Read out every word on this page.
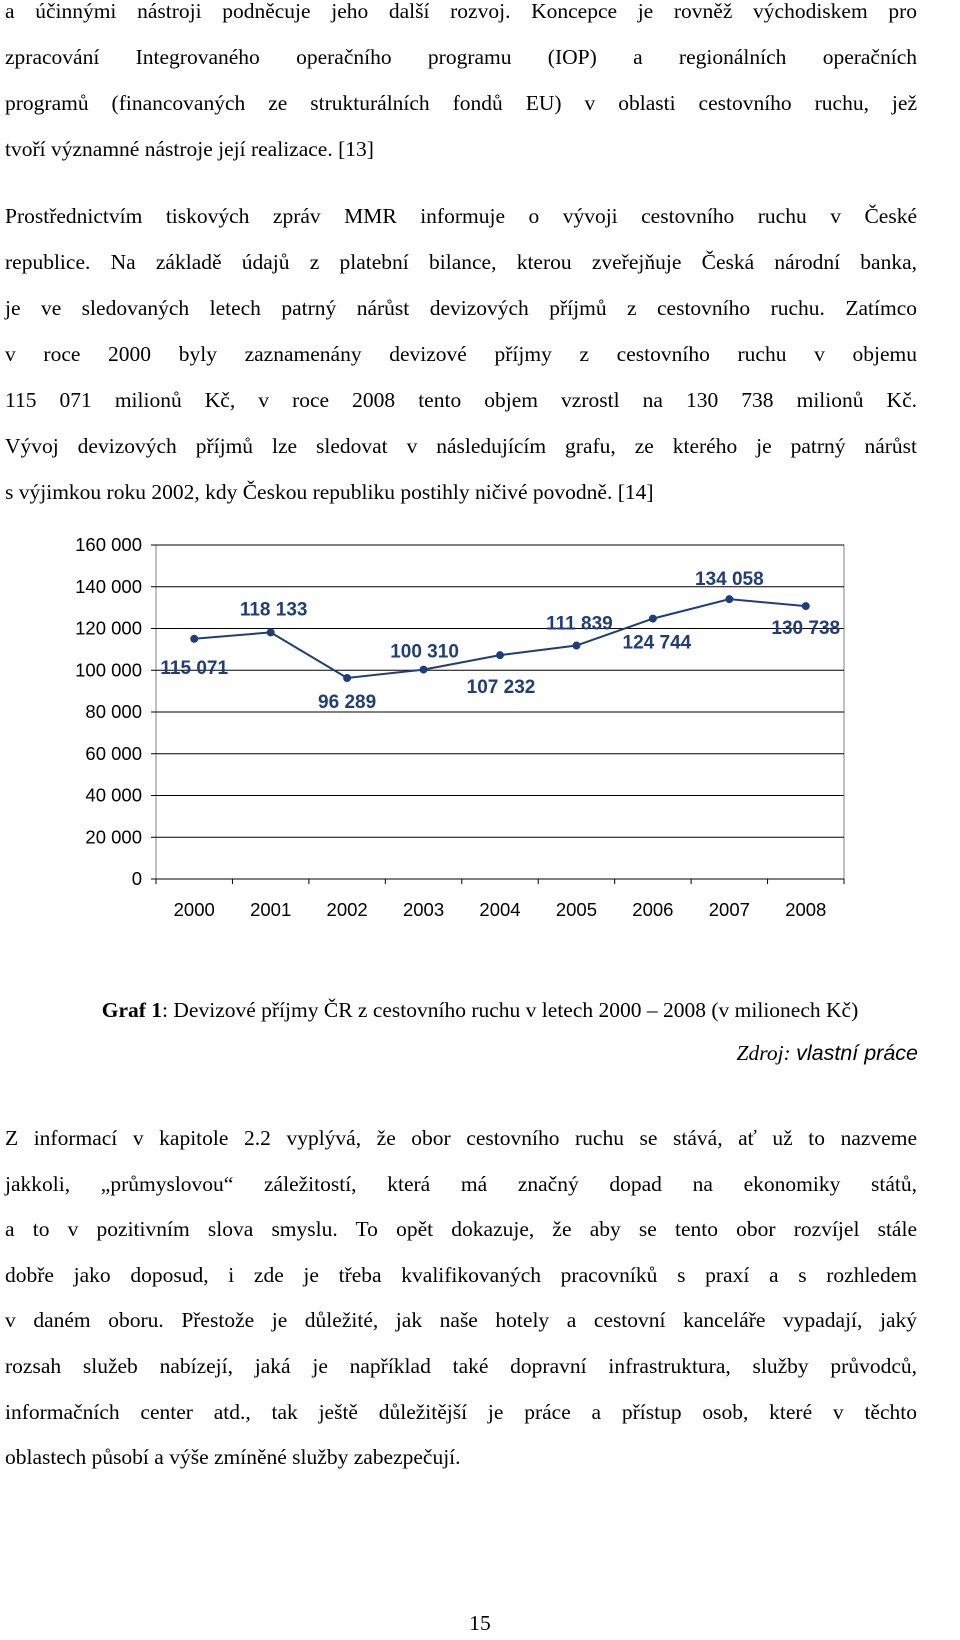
a účinnými nástroji podněcuje jeho další rozvoj. Koncepce je rovněž východiskem pro
zpracování Integrovaného operačního programu (IOP) a regionálních operačních
programů (financovaných ze strukturálních fondů EU) v oblasti cestovního ruchu, jež
tvoří významné nástroje její realizace. [13]
Prostřednictvím tiskových zpráv MMR informuje o vývoji cestovního ruchu v České
republice. Na základě údajů z platební bilance, kterou zveřejňuje Česká národní banka,
je ve sledovaných letech patrný nárůst devizových příjmů z cestovního ruchu. Zatímco
v roce 2000 byly zaznamenány devizové příjmy z cestovního ruchu v objemu
115 071 milionů Kč, v roce 2008 tento objem vzrostl na 130 738 milionů Kč.
Vývoj devizových příjmů lze sledovat v následujícím grafu, ze kterého je patrný nárůst
s výjimkou roku 2002, kdy Českou republiku postihly ničivé povodně. [14]
0
20 000
40 000
60 000
80 000
100 000
120 000
140 000
160 000
2000 2001 2002 2003 2004 2005 2006 2007 2008
115 071
118 133
96 289
100 310
107 232
111 839
124 744
134 058
130 738
Graf 1: Devizové příjmy ČR z cestovního ruchu v letech 2000 – 2008 (v milionech Kč)
Zdroj: vlastní práce
Z informací v kapitole 2.2 vyplývá, že obor cestovního ruchu se stává, ať už to nazveme
jakkoli, „průmyslovou“ záležitostí, která má značný dopad na ekonomiky států,
a to v pozitivním slova smyslu. To opět dokazuje, že aby se tento obor rozvíjel stále
dobře jako doposud, i zde je třeba kvalifikovaných pracovníků s praxí a s rozhledem
v daném oboru. Přestože je důležité, jak naše hotely a cestovní kanceláře vypadají, jaký
rozsah služeb nabízejí, jaká je například také dopravní infrastruktura, služby průvodců,
informačních center atd., tak ještě důležitější je práce a přístup osob, které v těchto
oblastech působí a výše zmíněné služby zabezpečují.
15
